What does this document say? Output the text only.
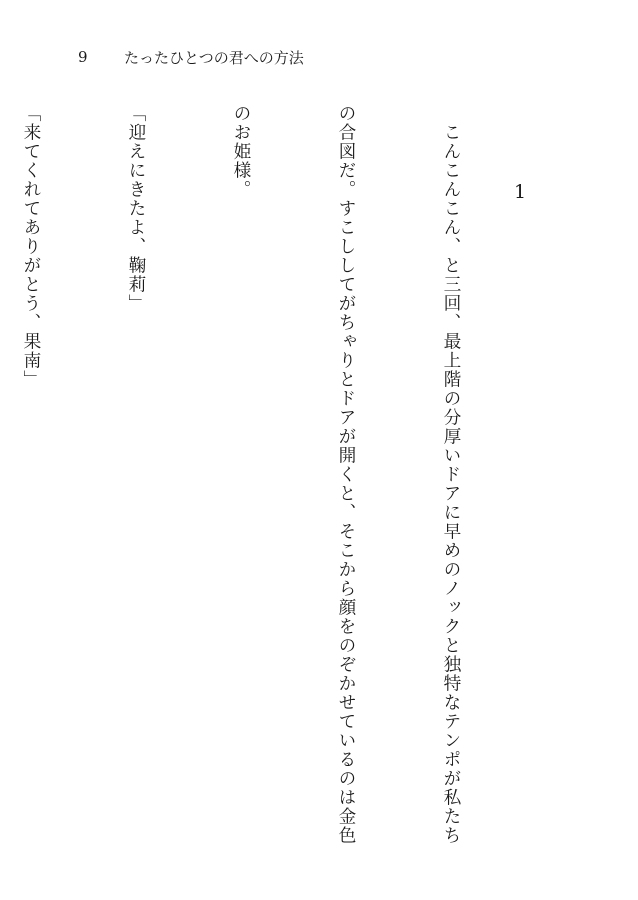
9	たったひとつの君への方法
1

　こんこんこん、と三回、最上階の分厚いドアに早めのノックと独特なテンポが私たち

の合図だ。すこししてがちゃりとドアが開くと、そこから顔をのぞかせているのは金色

のお姫様。

「迎えにきたよ、鞠莉」

「来てくれてありがとう、果南」
